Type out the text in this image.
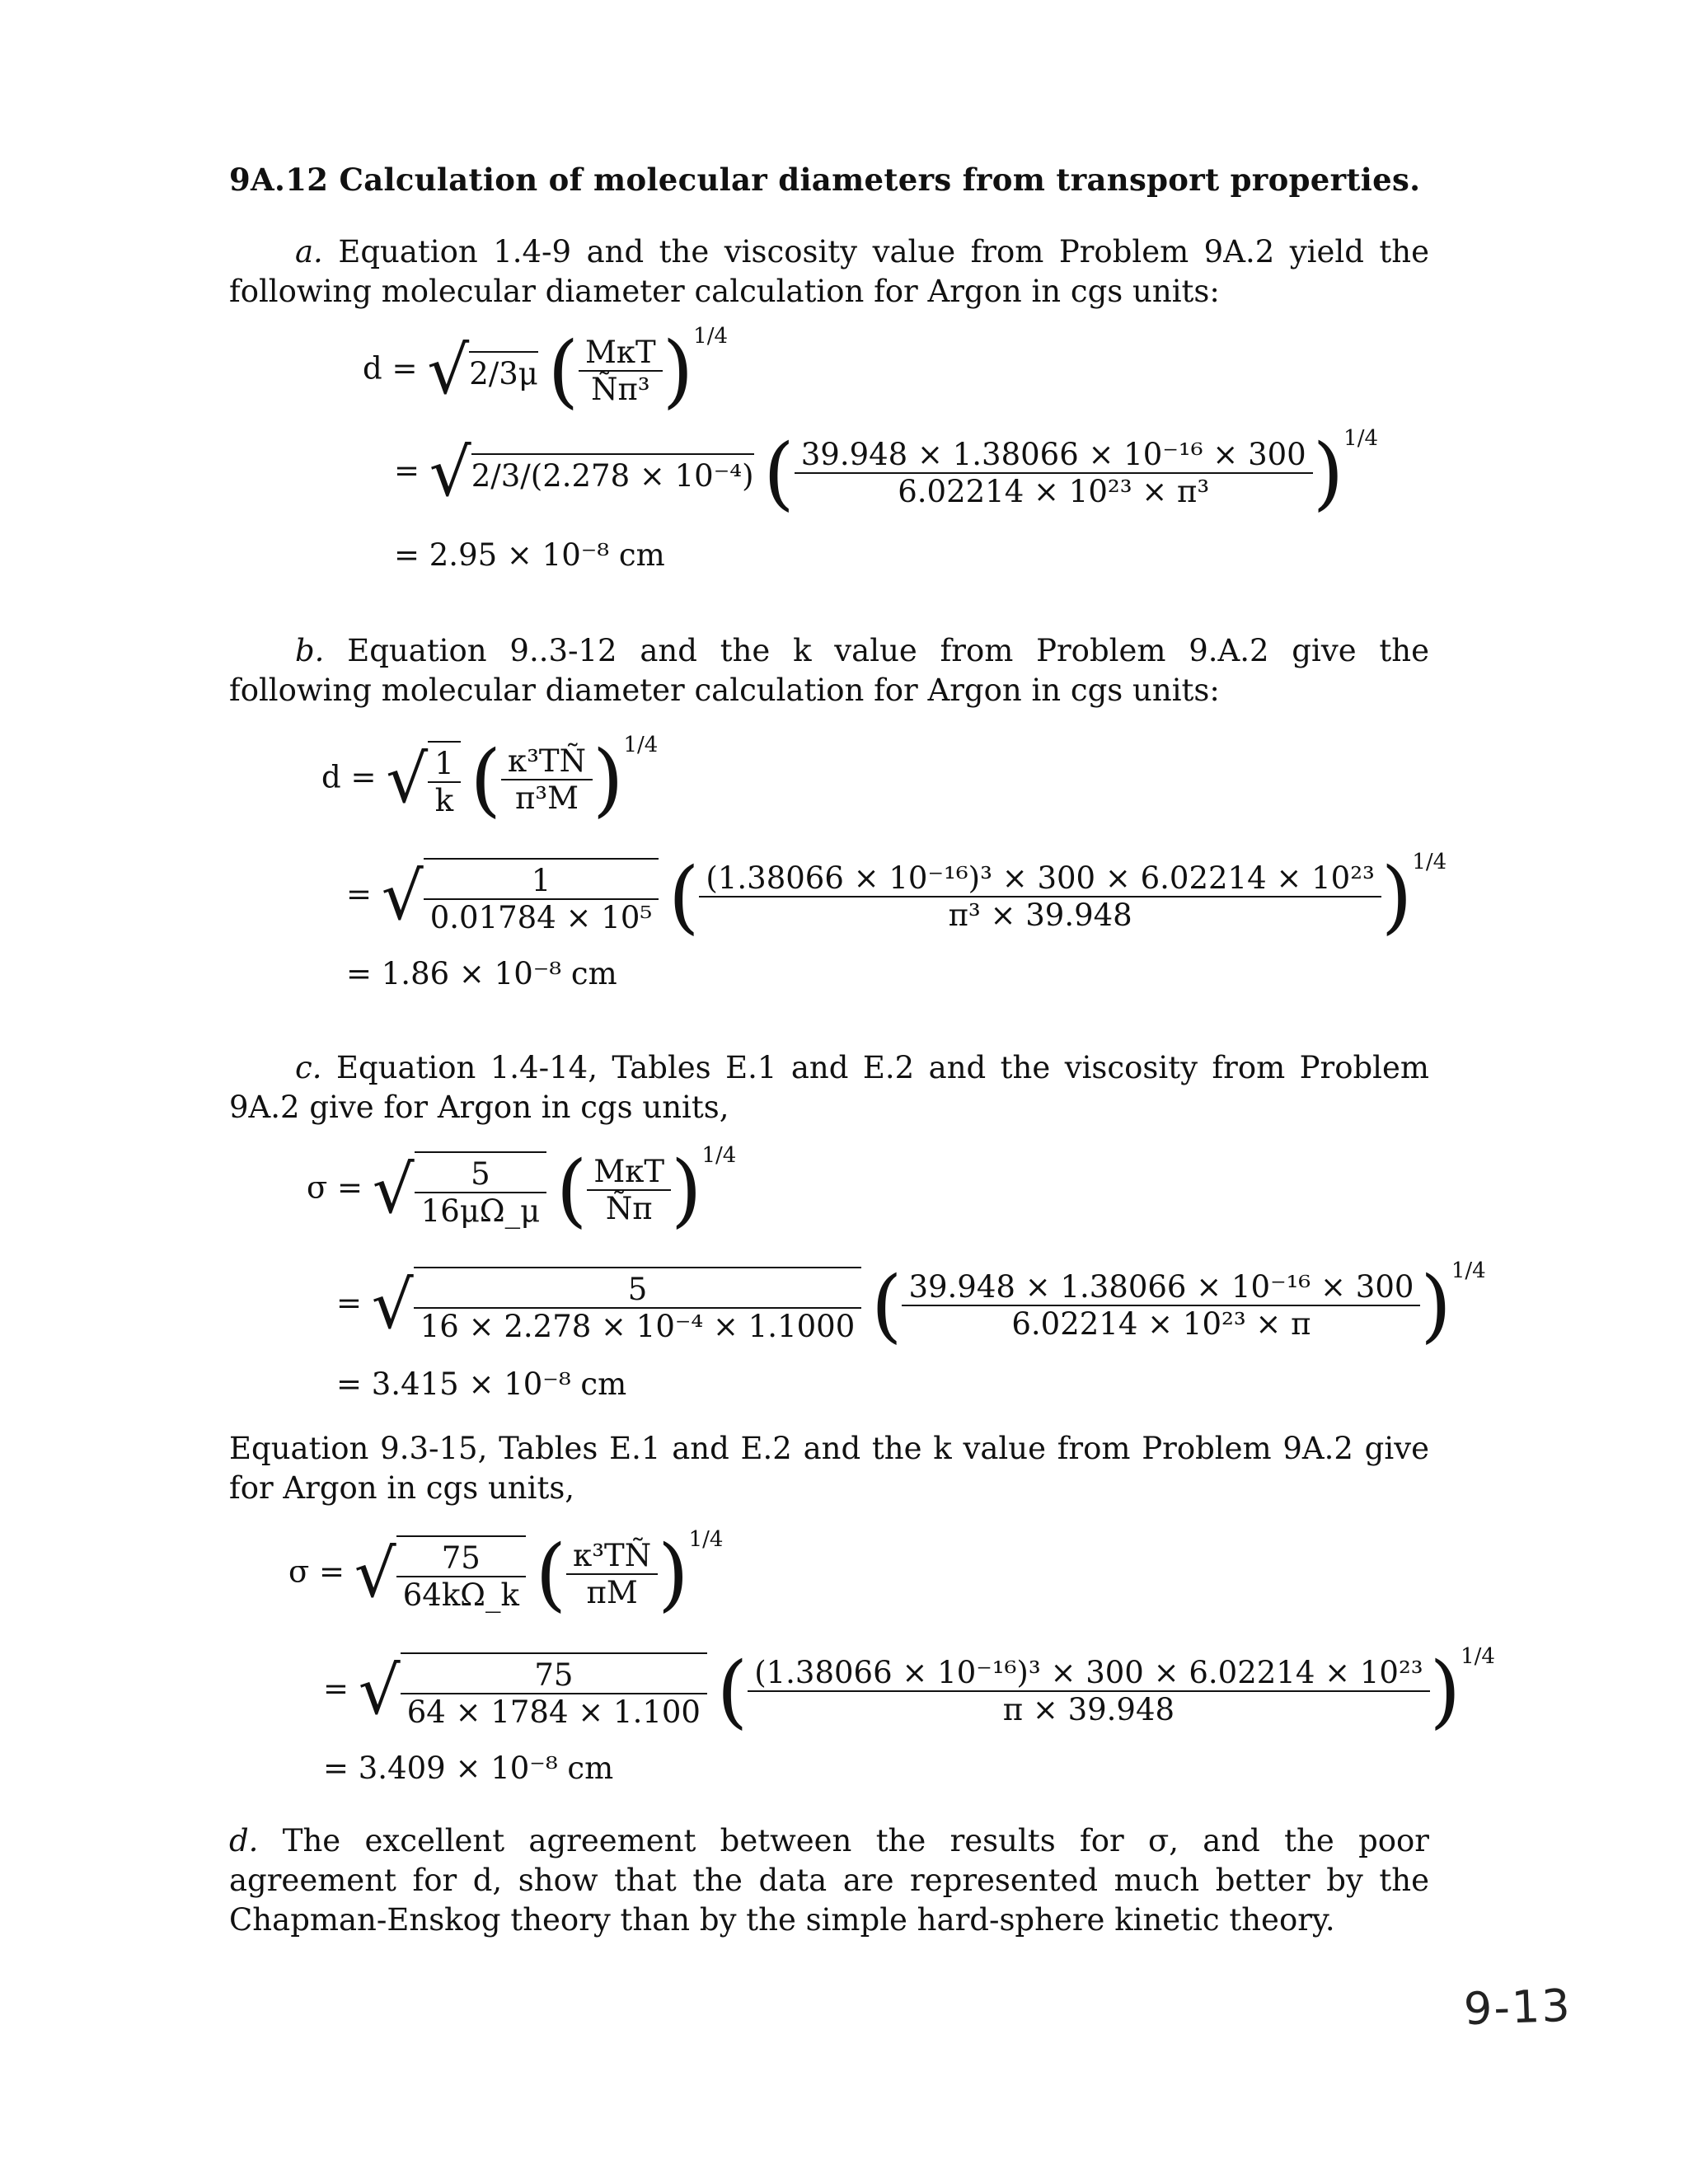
9A.12 Calculation of molecular diameters from transport properties.
a. Equation 1.4-9 and the viscosity value from Problem 9A.2 yield the following molecular diameter calculation for Argon in cgs units:
d = √2/3μ ( $\frac{\text{MκT}}{\text{Ñπ³}} )^{1/4}$
= √2/3/(2.278 × 10⁻⁴) ( $\frac{\text{39.948 × 1.38066 × 10⁻¹⁶ × 300}}{\text{6.02214 × 10²³ × π³}} )^{1/4}$
= 2.95 × 10⁻⁸ cm
b. Equation 9..3-12 and the k value from Problem 9.A.2 give the following molecular diameter calculation for Argon in cgs units:
d = √ $\frac{1}{k}$ ( $\frac{\text{κ³TÑ}}{\text{π³M}} )^{1/4}$
= √ $\frac{1}{\text{0.01784 × 10⁵}}$ ( $\frac{\text{(1.38066 × 10⁻¹⁶)³ × 300 × 6.02214 × 10²³}}{\text{π³ × 39.948}} )^{1/4}$
= 1.86 × 10⁻⁸ cm
c. Equation 1.4-14, Tables E.1 and E.2 and the viscosity from Problem 9A.2 give for Argon in cgs units,
σ = √ $\frac{5}{16\mu\Omega\_\mu}$ ( $\frac{\text{MκT}}{Ñ\pi} )^{1/4}$
= √ $\frac{5}{\text{16 × 2.278 × 10⁻⁴ × 1.1000}}$ ( $\frac{\text{39.948 × 1.38066 × 10⁻¹⁶ × 300}}{\text{6.02214 × 10²³ × π}} )^{1/4}$
= 3.415 × 10⁻⁸ cm
Equation 9.3-15, Tables E.1 and E.2 and the k value from Problem 9A.2 give for Argon in cgs units,
σ = √ $\frac{75}{64k\Omega\_k}$ ( $\frac{\text{κ³TÑ}}{\pi M} )^{1/4}$
= √ $\frac{75}{64 \times 1784 \times 1.100}$ ( $\frac{\text{(1.38066 × 10⁻¹⁶)³ × 300 × 6.02214 × 10²³}}{\pi \times 39.948} )^{1/4}$
= 3.409 × 10⁻⁸ cm
d. The excellent agreement between the results for σ, and the poor agreement for d, show that the data are represented much better by the Chapman-Enskog theory than by the simple hard-sphere kinetic theory.
9-13
